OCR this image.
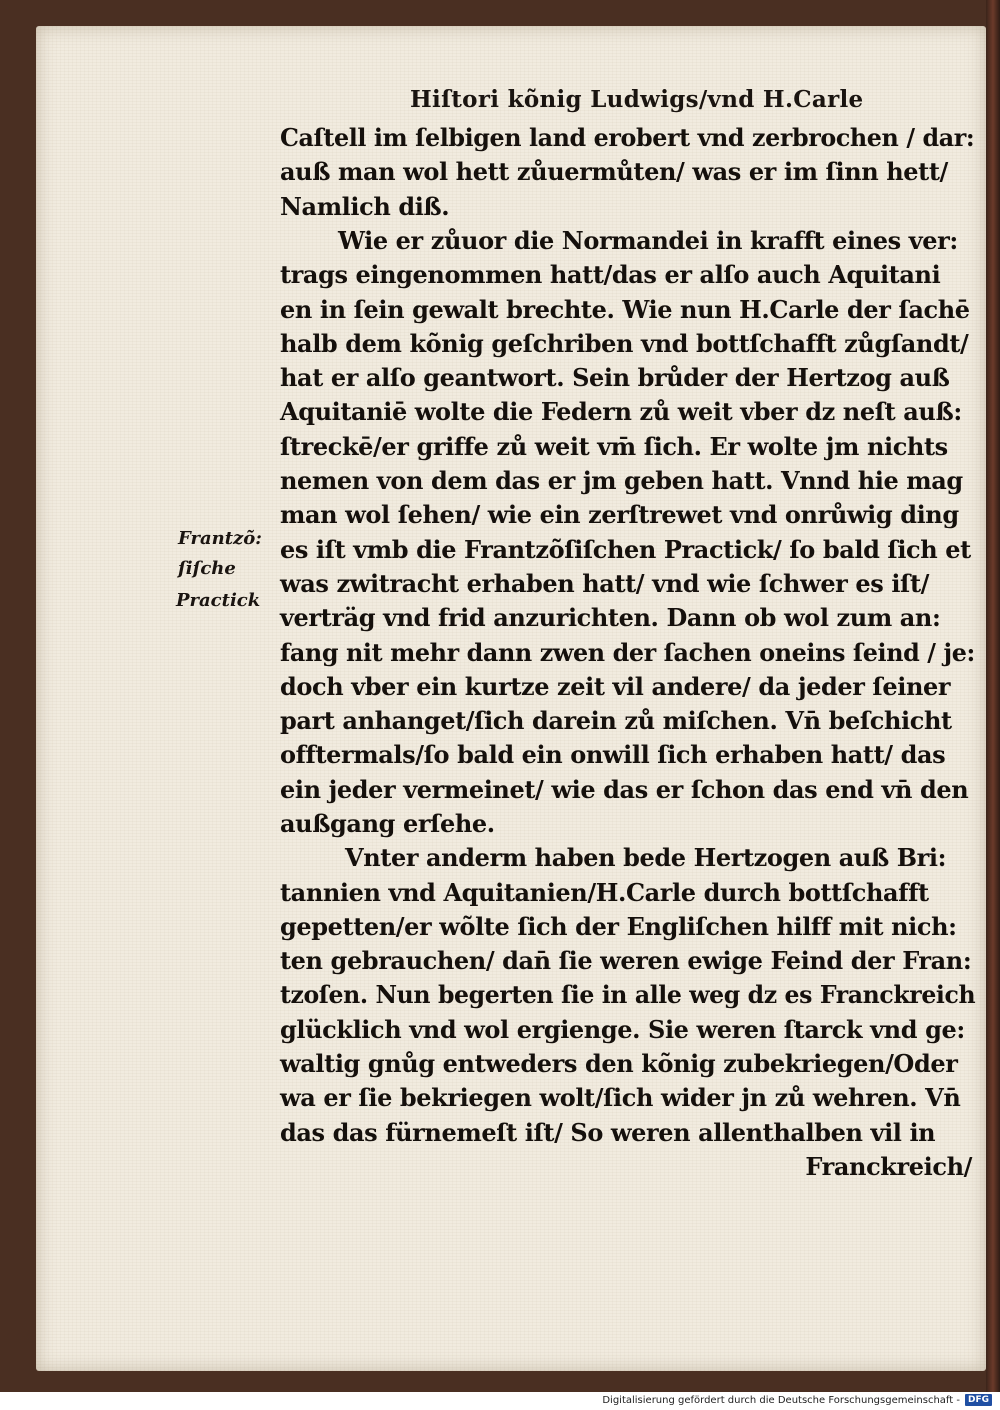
Hiſtori kõnig Ludwigs/vnd H.Carle
Caſtell im ſelbigen land erobert vnd zerbrochen / dar:
auß man wol hett zůuermůten/ was er im ſinn hett/
Namlich diß.
Wie er zůuor die Normandei in krafft eines ver:
trags eingenommen hatt/das er alſo auch Aquitani
en in ſein gewalt brechte. Wie nun H.Carle der ſachē
halb dem kõnig geſchriben vnd bottſchafft zůgſandt/
hat er alſo geantwort. Sein brůder der Hertzog auß
Aquitaniē wolte die Federn zů weit vber dz neſt auß:
ſtreckē/er griffe zů weit vm̄ ſich. Er wolte jm nichts
nemen von dem das er jm geben hatt. Vnnd hie mag
man wol ſehen/ wie ein zerſtrewet vnd onrůwig ding
es iſt vmb die Frantzõſiſchen Practick/ ſo bald ſich et
was zwitracht erhaben hatt/ vnd wie ſchwer es iſt/
verträg vnd frid anzurichten. Dann ob wol zum an:
fang nit mehr dann zwen der ſachen oneins ſeind / je:
doch vber ein kurtze zeit vil andere/ da jeder ſeiner
part anhanget/ſich darein zů miſchen. Vn̄ beſchicht
offtermals/ſo bald ein onwill ſich erhaben hatt/ das
ein jeder vermeinet/ wie das er ſchon das end vn̄ den
außgang erſehe.
Vnter anderm haben bede Hertzogen auß Bri:
tannien vnd Aquitanien/H.Carle durch bottſchafft
gepetten/er wõlte ſich der Engliſchen hilff mit nich:
ten gebrauchen/ dan̄ ſie weren ewige Feind der Fran:
tzoſen. Nun begerten ſie in alle weg dz es Franckreich
glücklich vnd wol ergienge. Sie weren ſtarck vnd ge:
waltig gnůg entweders den kõnig zubekriegen/Oder
wa er ſie bekriegen wolt/ſich wider jn zů wehren. Vn̄
das das fürnemeſt iſt/ So weren allenthalben vil in
Franckreich/
Frantzõ:
ſiſche
Practick
Digitalisierung gefördert durch die Deutsche Forschungsgemeinschaft - DFG
